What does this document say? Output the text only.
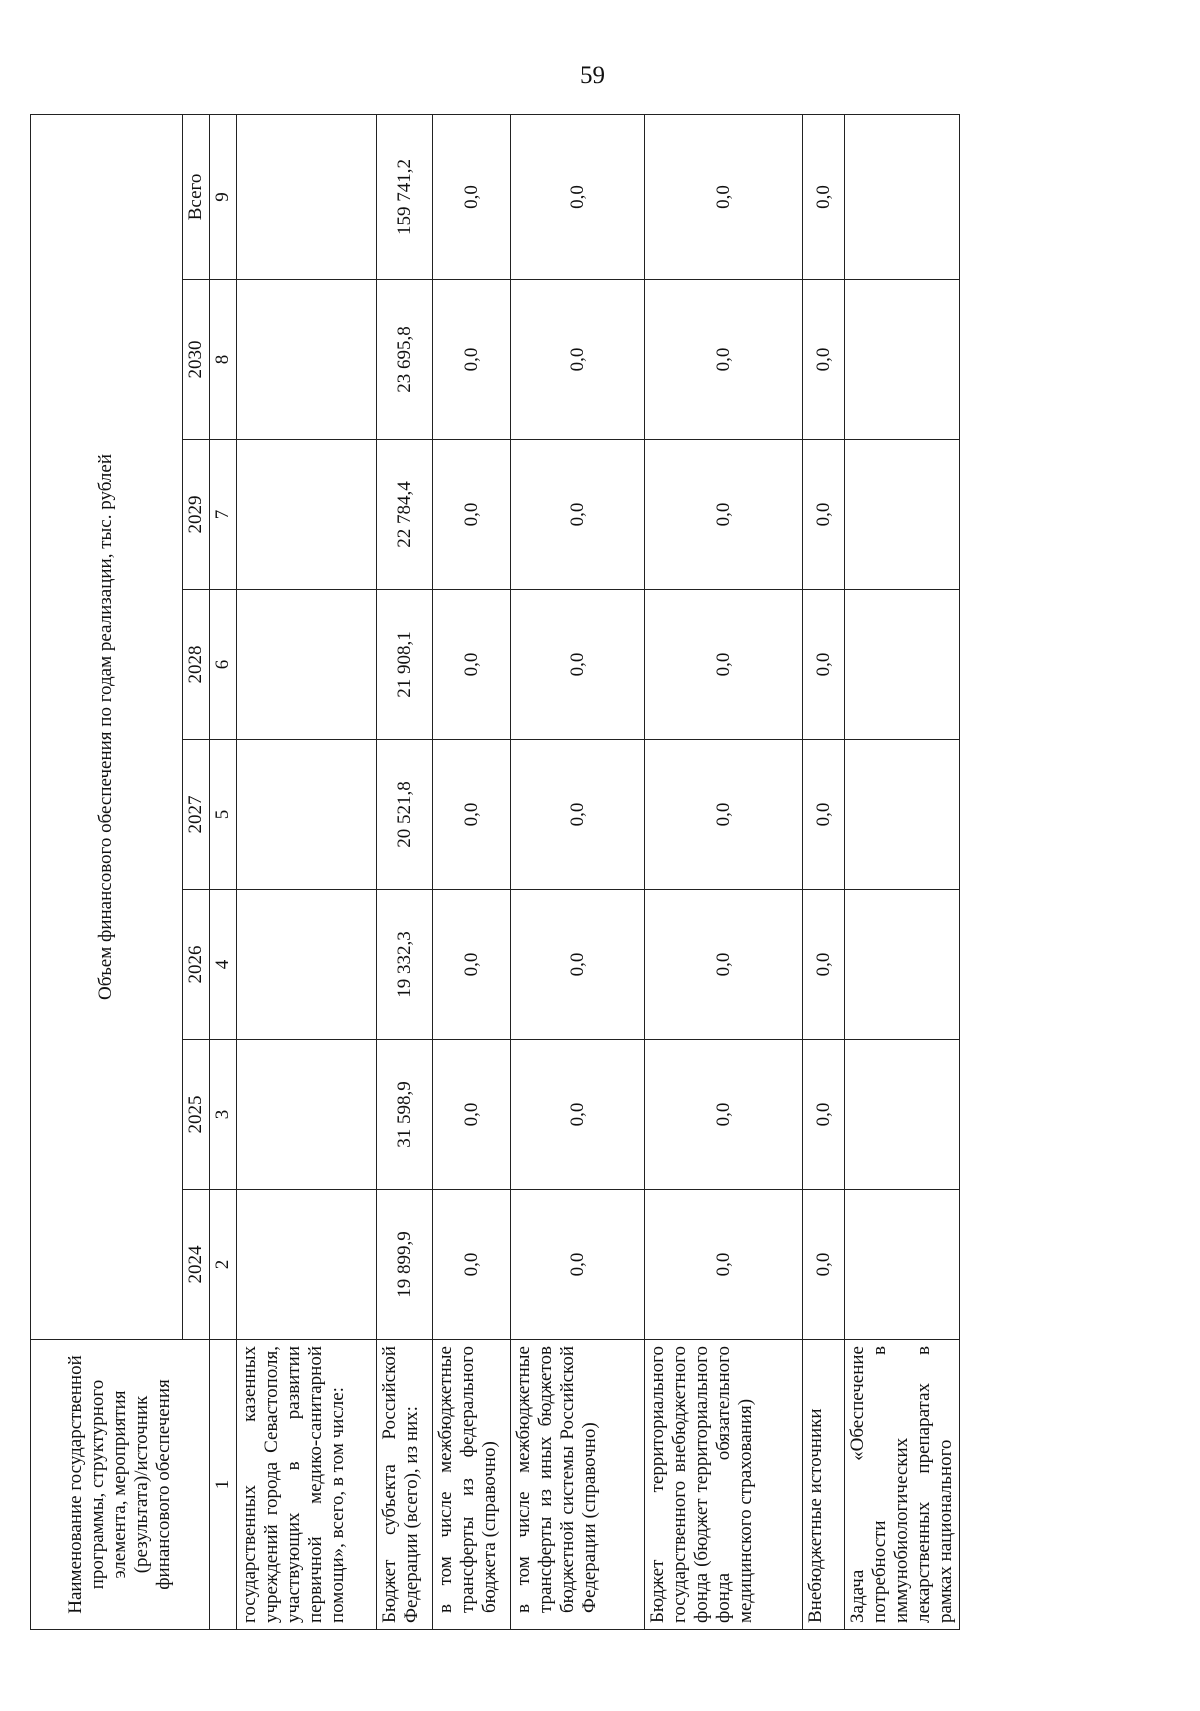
59
Наименование государственной программы, структурного элемента, мероприятия (результата)/источник финансового обеспечения	Объем финансового обеспечения по годам реализации, тыс. рублей							
	2024	2025	2026	2027	2028	2029	2030	Всего
1	2	3	4	5	6	7	8	9
государственных казенных учреждений города Севастополя, участвующих в развитии первичной медико-санитарной помощи», всего, в том числе:								
Бюджет субъекта Российской Федерации (всего), из них:	19 899,9	31 598,9	19 332,3	20 521,8	21 908,1	22 784,4	23 695,8	159 741,2
в том числе межбюджетные трансферты из федерального бюджета (справочно)	0,0	0,0	0,0	0,0	0,0	0,0	0,0	0,0
в том числе межбюджетные трансферты из иных бюджетов бюджетной системы Российской Федерации (справочно)	0,0	0,0	0,0	0,0	0,0	0,0	0,0	0,0
Бюджет территориального государственного внебюджетного фонда (бюджет территориального фонда обязательного медицинского страхования)	0,0	0,0	0,0	0,0	0,0	0,0	0,0	0,0
Внебюджетные источники	0,0	0,0	0,0	0,0	0,0	0,0	0,0	0,0
Задача «Обеспечение потребности в иммунобиологических лекарственных препаратах в рамках национального								
